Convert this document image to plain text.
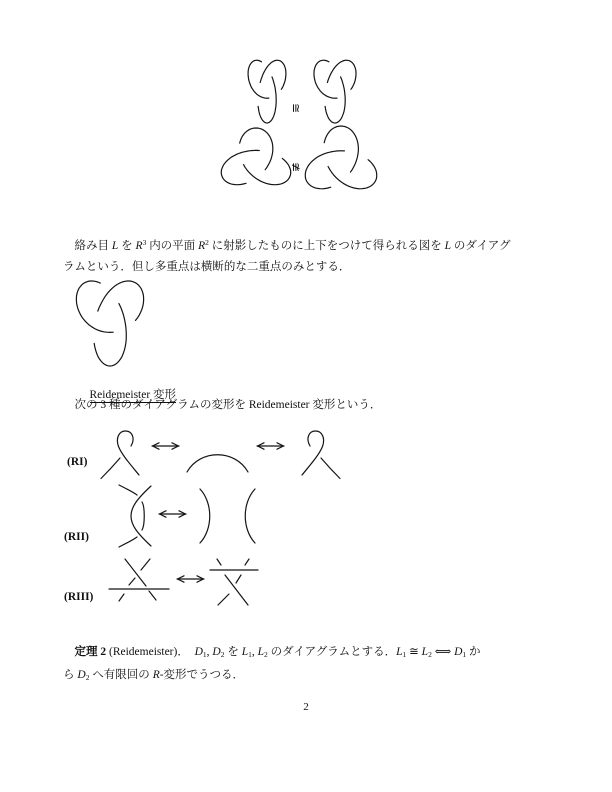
≅
≇
　絡み目 L を $R^3$ 内の平面 $R^2$ に射影したものに上下をつけて得られる図を L のダイアグ
ラムという．但し多重点は横断的な二重点のみとする．

Reidemeister 変形

　次の 3 種のダイアグラムの変形を Reidemeister 変形という．
(RI)
(RII)
(RIII)
　定理 2 (Reidemeister)．  $D_1$, $D_2$ を $L_1$, $L_2$ のダイアグラムとする．$L_1$ ≅ $L_2$ ⟺ $D_1$ か
ら $D_2$ へ有限回の R-変形でうつる．
2
